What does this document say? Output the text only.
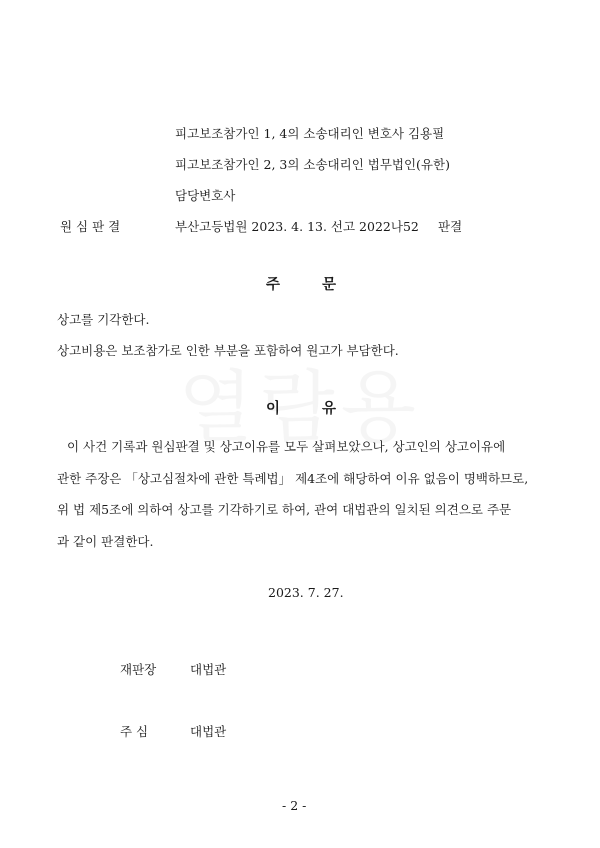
피고보조참가인 1, 4의 소송대리인 변호사 김용필
피고보조참가인 2, 3의 소송대리인 법무법인(유한)
담당변호사
원 심 판 결	부산고등법원 2023. 4. 13. 선고 2022나52 판결
주	문
상고를 기각한다.
상고비용은 보조참가로 인한 부분을 포함하여 원고가 부담한다.
이	유
이 사건 기록과 원심판결 및 상고이유를 모두 살펴보았으나, 상고인의 상고이유에
관한 주장은 「상고심절차에 관한 특례법」 제4조에 해당하여 이유 없음이 명백하므로,
위 법 제5조에 의하여 상고를 기각하기로 하여, 관여 대법관의 일치된 의견으로 주문
과 같이 판결한다.
2023. 7. 27.
재판장	대법관
주 심	대법관
- 2 -
